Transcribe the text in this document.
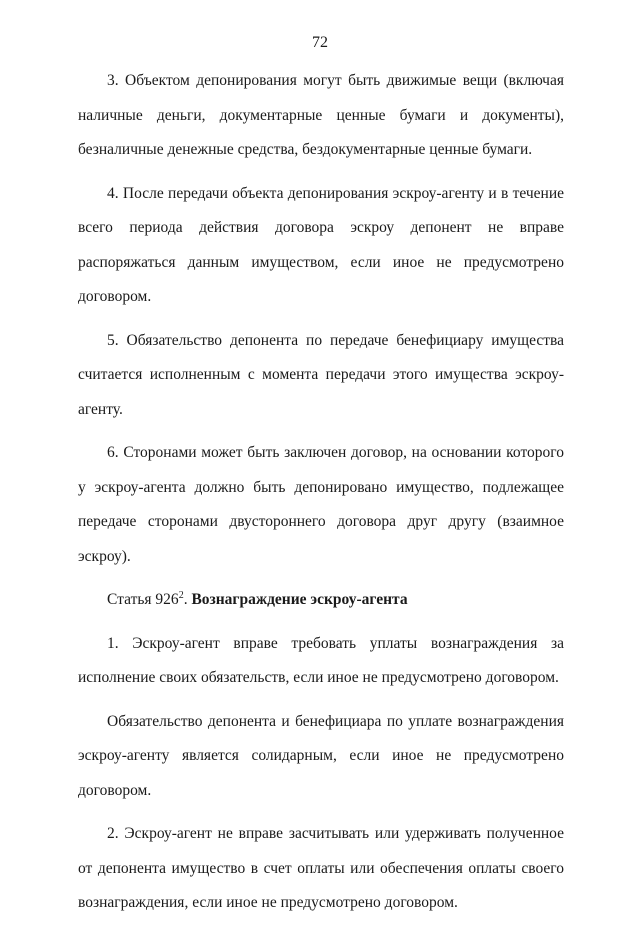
72

3. Объектом депонирования могут быть движимые вещи (включая наличные деньги, документарные ценные бумаги и документы), безналичные денежные средства, бездокументарные ценные бумаги.

4. После передачи объекта депонирования эскроу-агенту и в течение всего периода действия договора эскроу депонент не вправе распоряжаться данным имуществом, если иное не предусмотрено договором.

5. Обязательство депонента по передаче бенефициару имущества считается исполненным с момента передачи этого имущества эскроу-агенту.

6. Сторонами может быть заключен договор, на основании которого у эскроу-агента должно быть депонировано имущество, подлежащее передаче сторонами двустороннего договора друг другу (взаимное эскроу).

Статья $926^2$. Вознаграждение эскроу-агента

1. Эскроу-агент вправе требовать уплаты вознаграждения за исполнение своих обязательств, если иное не предусмотрено договором.

Обязательство депонента и бенефициара по уплате вознаграждения эскроу-агенту является солидарным, если иное не предусмотрено договором.

2. Эскроу-агент не вправе засчитывать или удерживать полученное от депонента имущество в счет оплаты или обеспечения оплаты своего вознаграждения, если иное не предусмотрено договором.
